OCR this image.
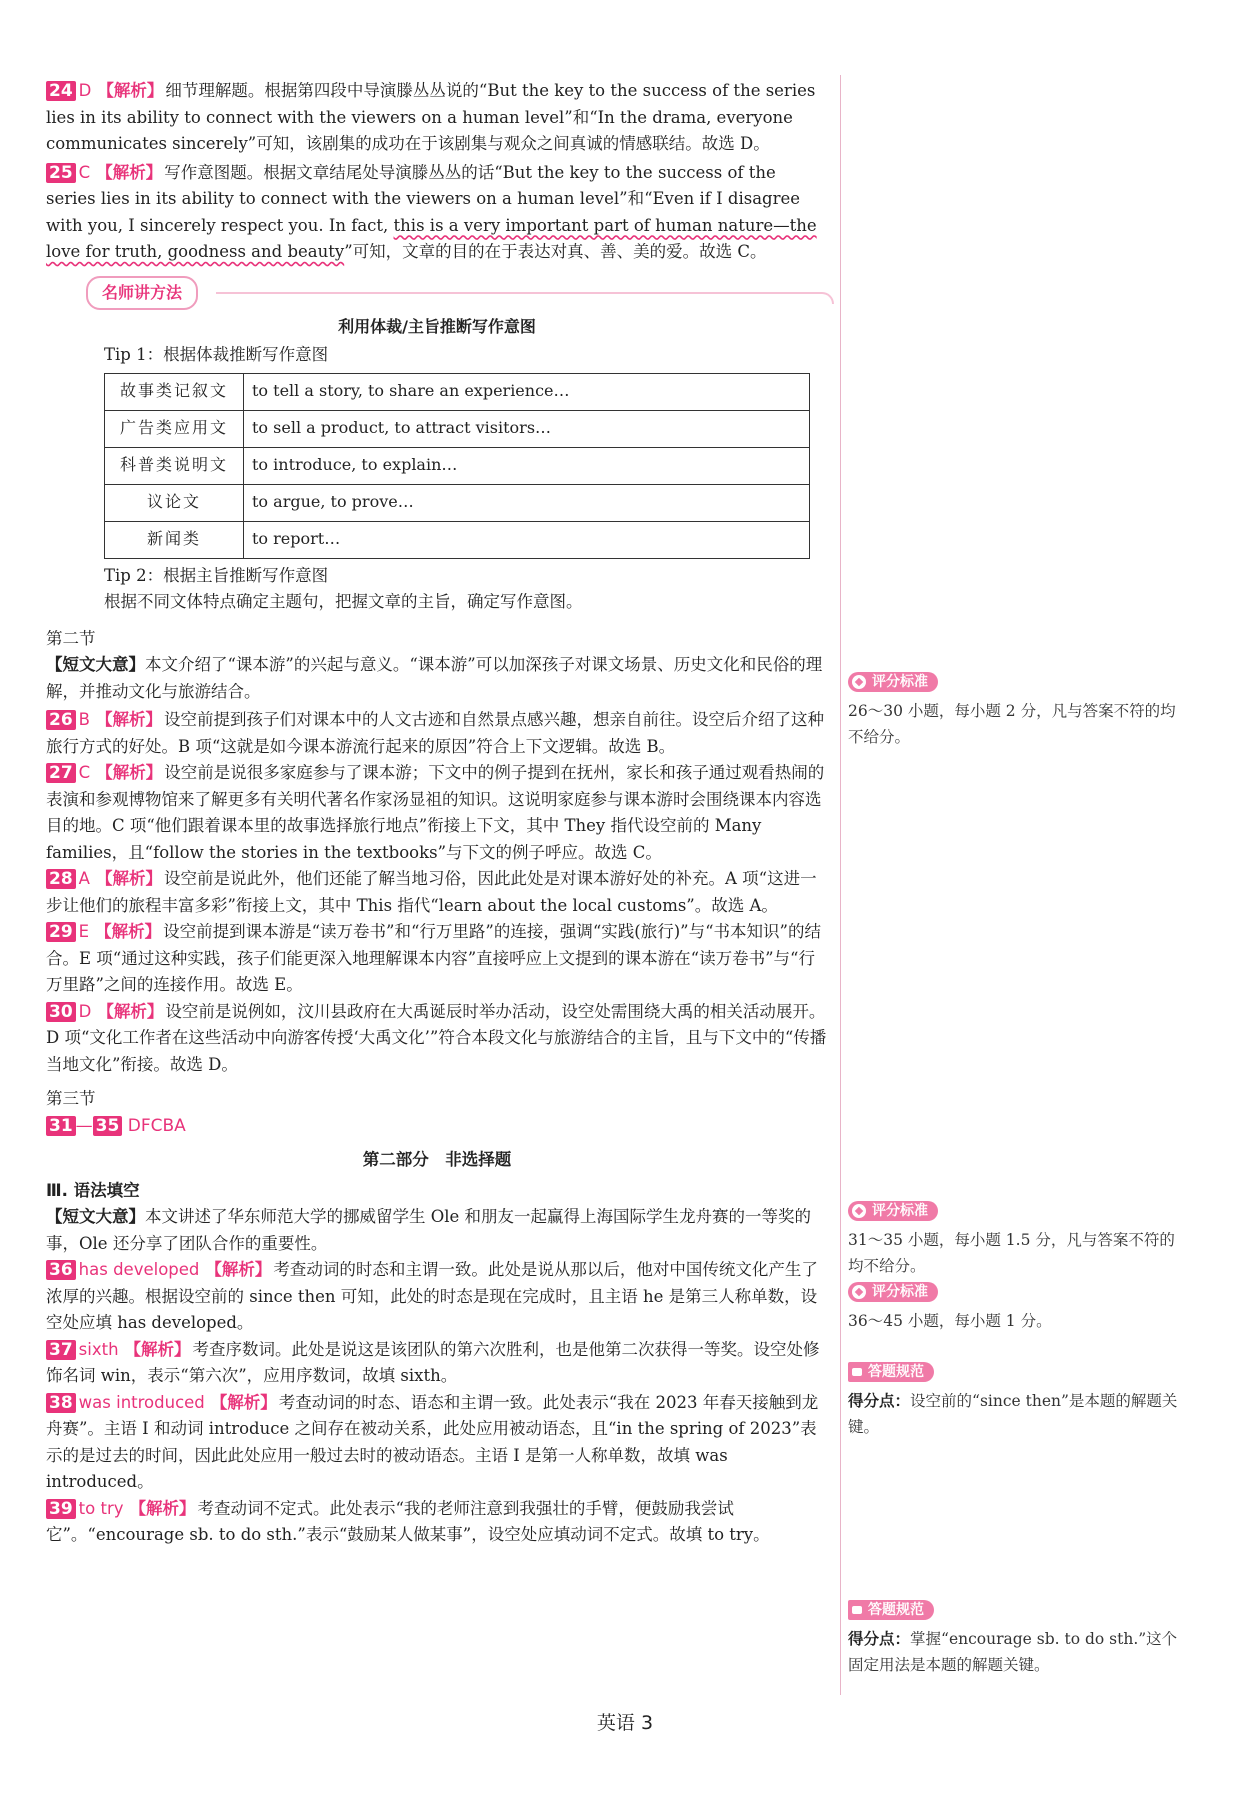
24 D 【解析】 细节理解题。根据第四段中导演滕丛丛说的“But the key to the success of the series lies in its ability to connect with the viewers on a human level”和“In the drama, everyone communicates sincerely”可知，该剧集的成功在于该剧集与观众之间真诚的情感联结。故选 D。

25 C 【解析】 写作意图题。根据文章结尾处导演滕丛丛的话“But the key to the success of the series lies in its ability to connect with the viewers on a human level”和“Even if I disagree with you, I sincerely respect you. In fact, this is a very important part of human nature—the love for truth, goodness and beauty”可知，文章的目的在于表达对真、善、美的爱。故选 C。

名师讲方法
利用体裁/主旨推断写作意图
Tip 1：根据体裁推断写作意图
故事类记叙文	to tell a story, to share an experience…
广告类应用文	to sell a product, to attract visitors…
科普类说明文	to introduce, to explain…
议论文	to argue, to prove…
新闻类	to report…
Tip 2：根据主旨推断写作意图
根据不同文体特点确定主题句，把握文章的主旨，确定写作意图。
第二节

【短文大意】本文介绍了“课本游”的兴起与意义。“课本游”可以加深孩子对课文场景、历史文化和民俗的理解，并推动文化与旅游结合。

26 B 【解析】 设空前提到孩子们对课本中的人文古迹和自然景点感兴趣，想亲自前往。设空后介绍了这种旅行方式的好处。B 项“这就是如今课本游流行起来的原因”符合上下文逻辑。故选 B。

27 C 【解析】 设空前是说很多家庭参与了课本游；下文中的例子提到在抚州，家长和孩子通过观看热闹的表演和参观博物馆来了解更多有关明代著名作家汤显祖的知识。这说明家庭参与课本游时会围绕课本内容选目的地。C 项“他们跟着课本里的故事选择旅行地点”衔接上下文，其中 They 指代设空前的 Many families，且“follow the stories in the textbooks”与下文的例子呼应。故选 C。

28 A 【解析】 设空前是说此外，他们还能了解当地习俗，因此此处是对课本游好处的补充。A 项“这进一步让他们的旅程丰富多彩”衔接上文，其中 This 指代“learn about the local customs”。故选 A。

29 E 【解析】 设空前提到课本游是“读万卷书”和“行万里路”的连接，强调“实践(旅行)”与“书本知识”的结合。E 项“通过这种实践，孩子们能更深入地理解课本内容”直接呼应上文提到的课本游在“读万卷书”与“行万里路”之间的连接作用。故选 E。

30 D 【解析】 设空前是说例如，汶川县政府在大禹诞辰时举办活动，设空处需围绕大禹的相关活动展开。D 项“文化工作者在这些活动中向游客传授‘大禹文化’”符合本段文化与旅游结合的主旨，且与下文中的“传播当地文化”衔接。故选 D。

第三节
31 — 35 DFCBA
第二部分　非选择题
Ⅲ. 语法填空

【短文大意】本文讲述了华东师范大学的挪威留学生 Ole 和朋友一起赢得上海国际学生龙舟赛的一等奖的事，Ole 还分享了团队合作的重要性。

36 has developed 【解析】 考查动词的时态和主谓一致。此处是说从那以后，他对中国传统文化产生了浓厚的兴趣。根据设空前的 since then 可知，此处的时态是现在完成时，且主语 he 是第三人称单数，设空处应填 has developed。

37 sixth 【解析】 考查序数词。此处是说这是该团队的第六次胜利，也是他第二次获得一等奖。设空处修饰名词 win，表示“第六次”，应用序数词，故填 sixth。

38 was introduced 【解析】 考查动词的时态、语态和主谓一致。此处表示“我在 2023 年春天接触到龙舟赛”。主语 I 和动词 introduce 之间存在被动关系，此处应用被动语态，且“in the spring of 2023”表示的是过去的时间，因此此处应用一般过去时的被动语态。主语 I 是第一人称单数，故填 was introduced。

39 to try 【解析】 考查动词不定式。此处表示“我的老师注意到我强壮的手臂，便鼓励我尝试它”。“encourage sb. to do sth.”表示“鼓励某人做某事”，设空处应填动词不定式。故填 to try。

评分标准

26～30 小题，每小题 2 分，凡与答案不符的均不给分。

评分标准

31～35 小题，每小题 1.5 分，凡与答案不符的均不给分。

评分标准

36～45 小题，每小题 1 分。

答题规范

得分点：设空前的“since then”是本题的解题关键。

答题规范

得分点：掌握“encourage sb. to do sth.”这个固定用法是本题的解题关键。

英语 3
